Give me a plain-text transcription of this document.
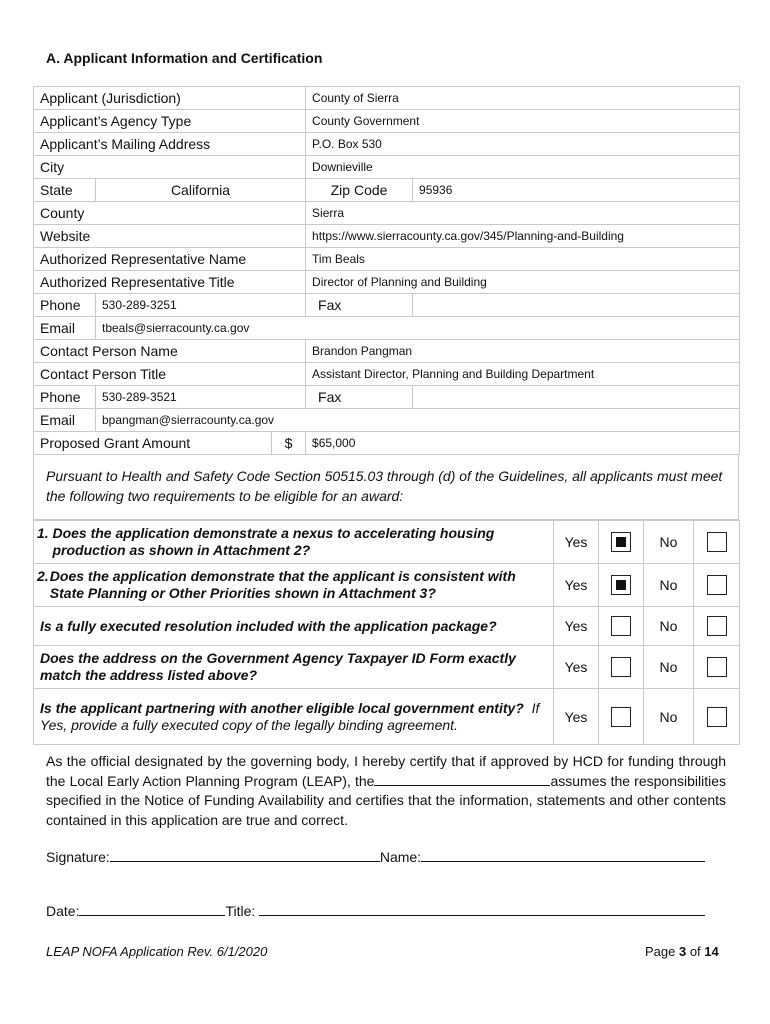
A. Applicant Information and Certification
Applicant (Jurisdiction)			County of Sierra	
Applicant’s Agency Type			County Government	
Applicant’s Mailing Address			P.O. Box 530	
City			Downieville	
State	California		Zip Code	95936
County			Sierra	
Website			https://www.sierracounty.ca.gov/345/Planning-and-Building	
Authorized Representative Name			Tim Beals	
Authorized Representative Title			Director of Planning and Building	
Phone	530-289-3251		Fax	
Email	tbeals@sierracounty.ca.gov			
Contact Person Name			Brandon Pangman	
Contact Person Title			Assistant Director, Planning and Building Department	
Phone	530-289-3521		Fax	
Email	bpangman@sierracounty.ca.gov			
Proposed Grant Amount		$	$65,000	
Pursuant to Health and Safety Code Section 50515.03 through (d) of the Guidelines, all applicants must meet the following two requirements to be eligible for an award:
1. Does the application demonstrate a nexus to accelerating housing production as shown in Attachment 2?	Yes		No	

2. Does the application demonstrate that the applicant is consistent with State Planning or Other Priorities shown in Attachment 3?	Yes		No	
Is a fully executed resolution included with the application package?	Yes		No	
Does the address on the Government Agency Taxpayer ID Form exactly match the address listed above?	Yes		No	
Is the applicant partnering with another eligible local government entity? If Yes, provide a fully executed copy of the legally binding agreement.	Yes		No	
As the official designated by the governing body, I hereby certify that if approved by HCD for funding through the Local Early Action Planning Program (LEAP), the	assumes the responsibilities specified in the Notice of Funding Availability and certifies that the information, statements and other contents contained in this application are true and correct.
Signature:	Name:
Date:	Title:
LEAP NOFA Application Rev. 6/1/2020	Page 3 of 14
